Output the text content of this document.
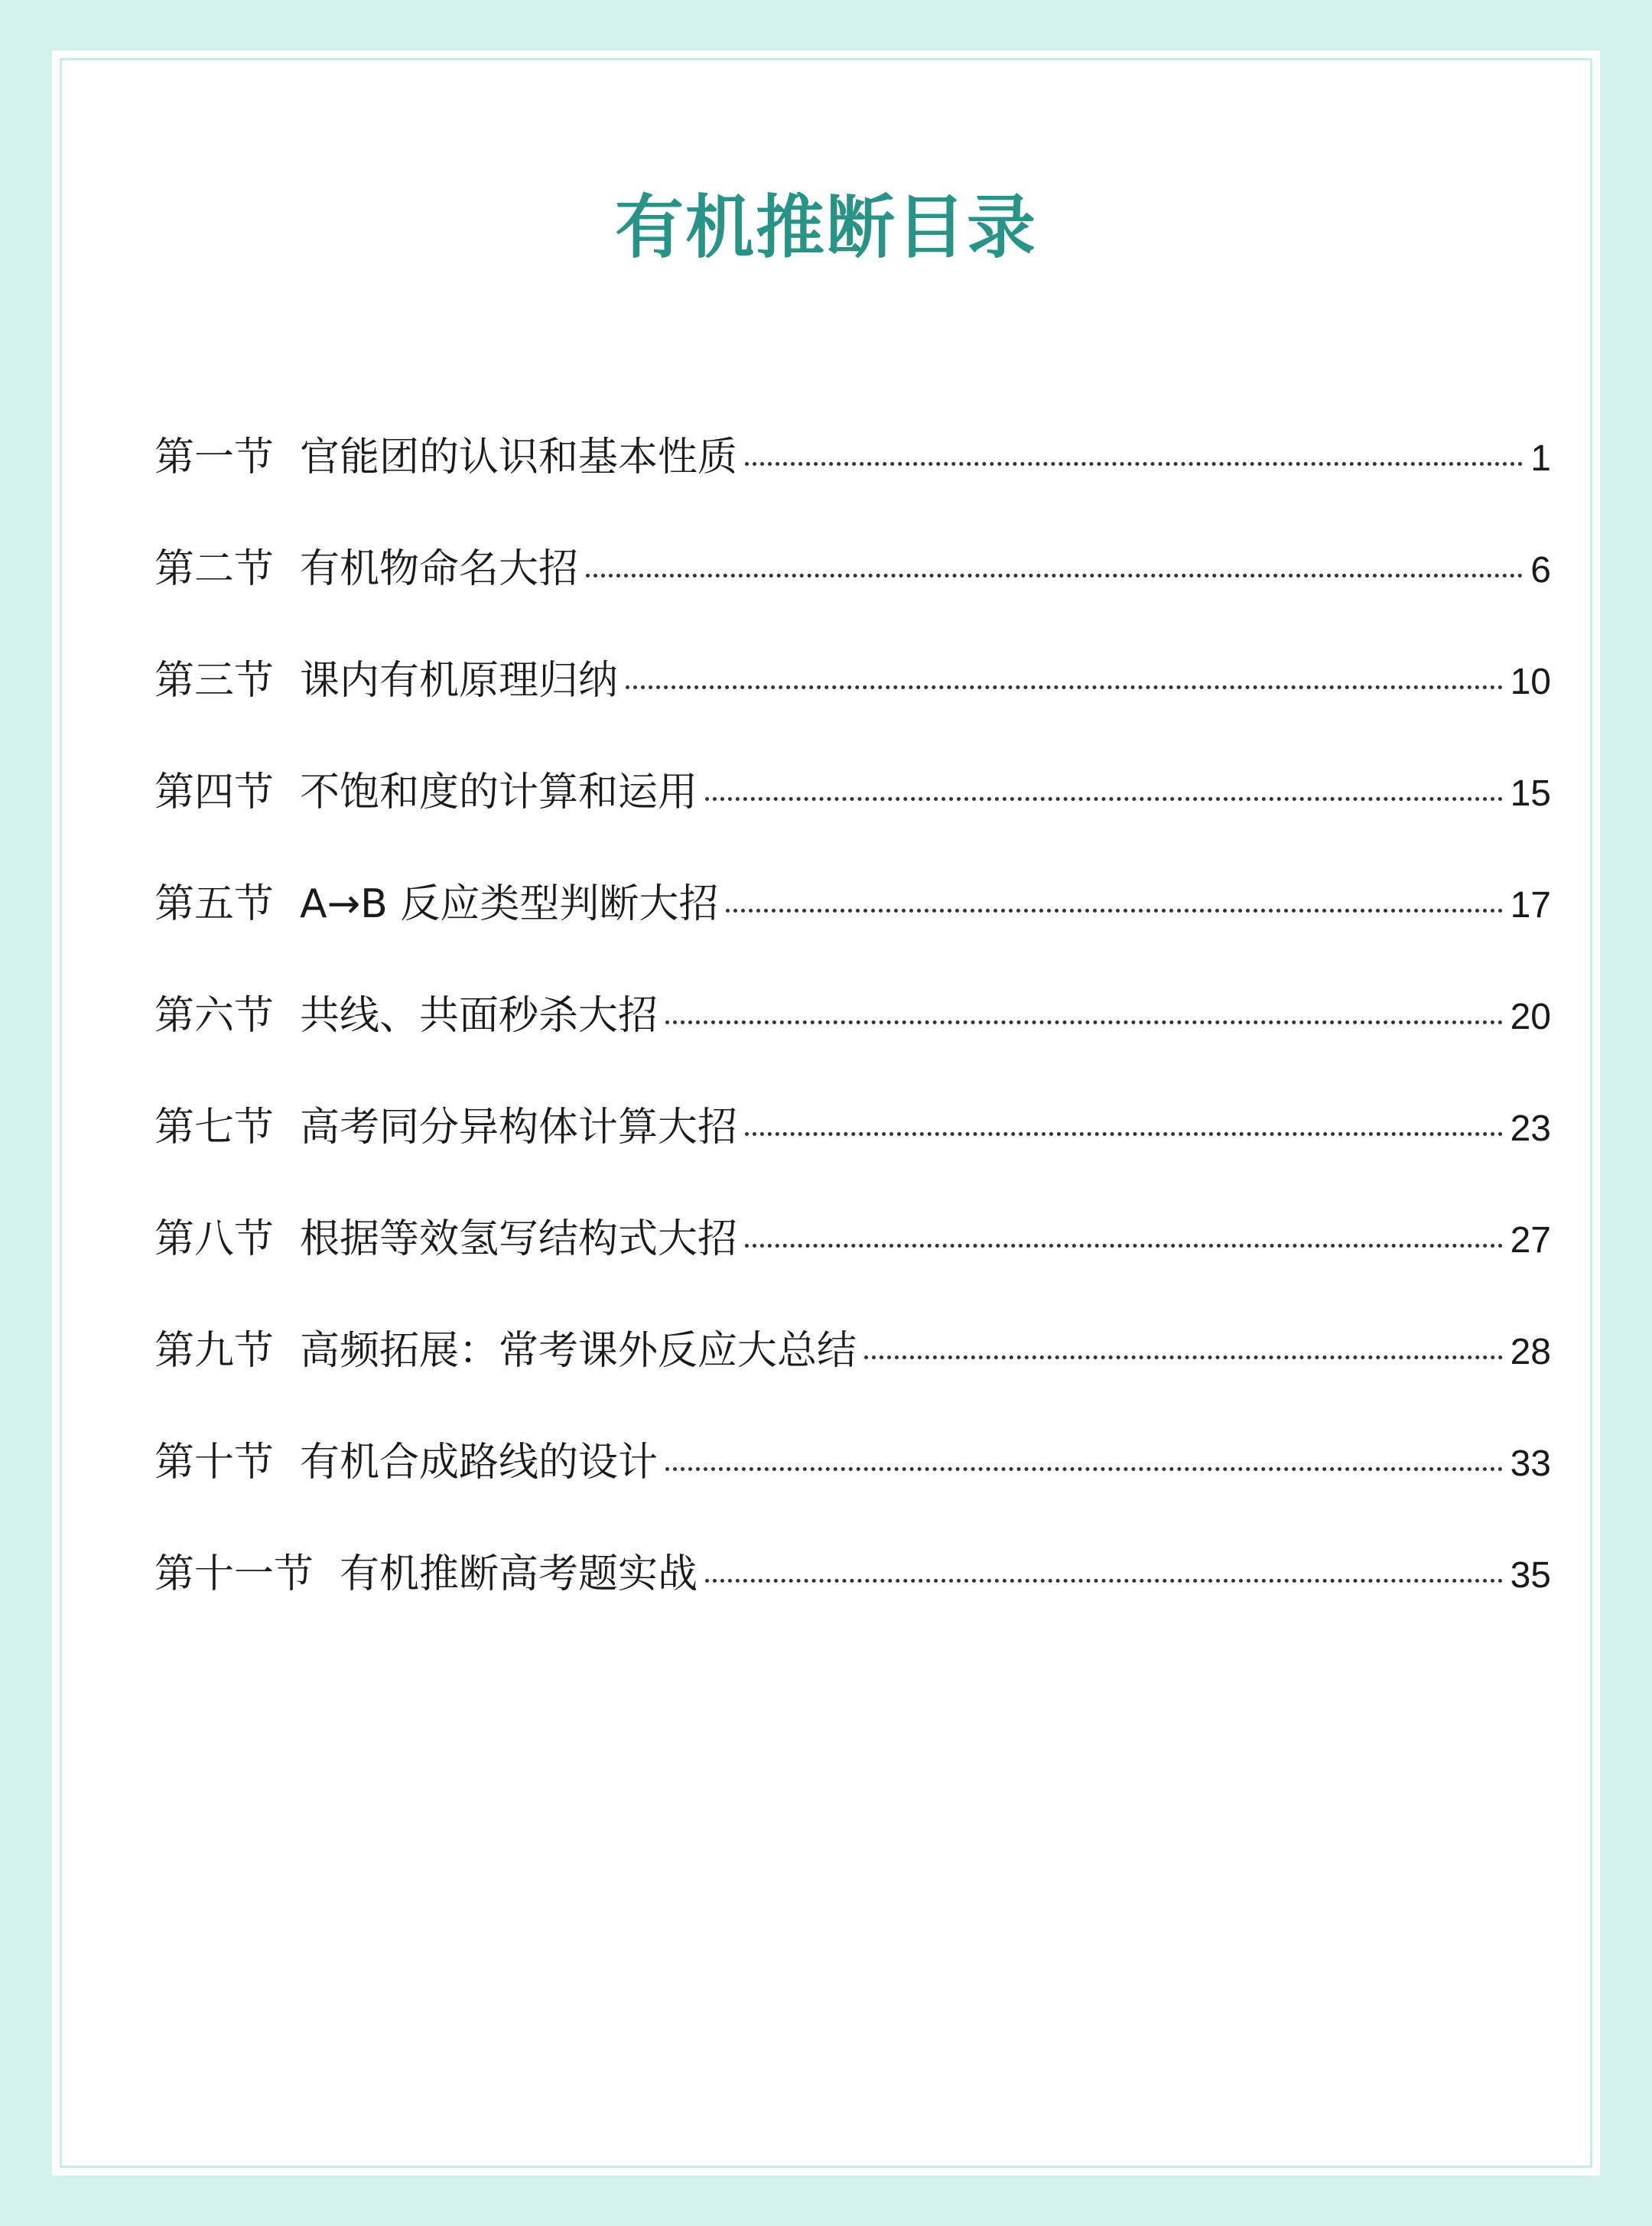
有机推断目录
第一节 官能团的认识和基本性质	1
第二节 有机物命名大招	6
第三节 课内有机原理归纳	10
第四节 不饱和度的计算和运用	15
第五节 A→B 反应类型判断大招	17
第六节 共线、共面秒杀大招	20
第七节 高考同分异构体计算大招	23
第八节 根据等效氢写结构式大招	27
第九节 高频拓展：常考课外反应大总结	28
第十节 有机合成路线的设计	33
第十一节 有机推断高考题实战	35
